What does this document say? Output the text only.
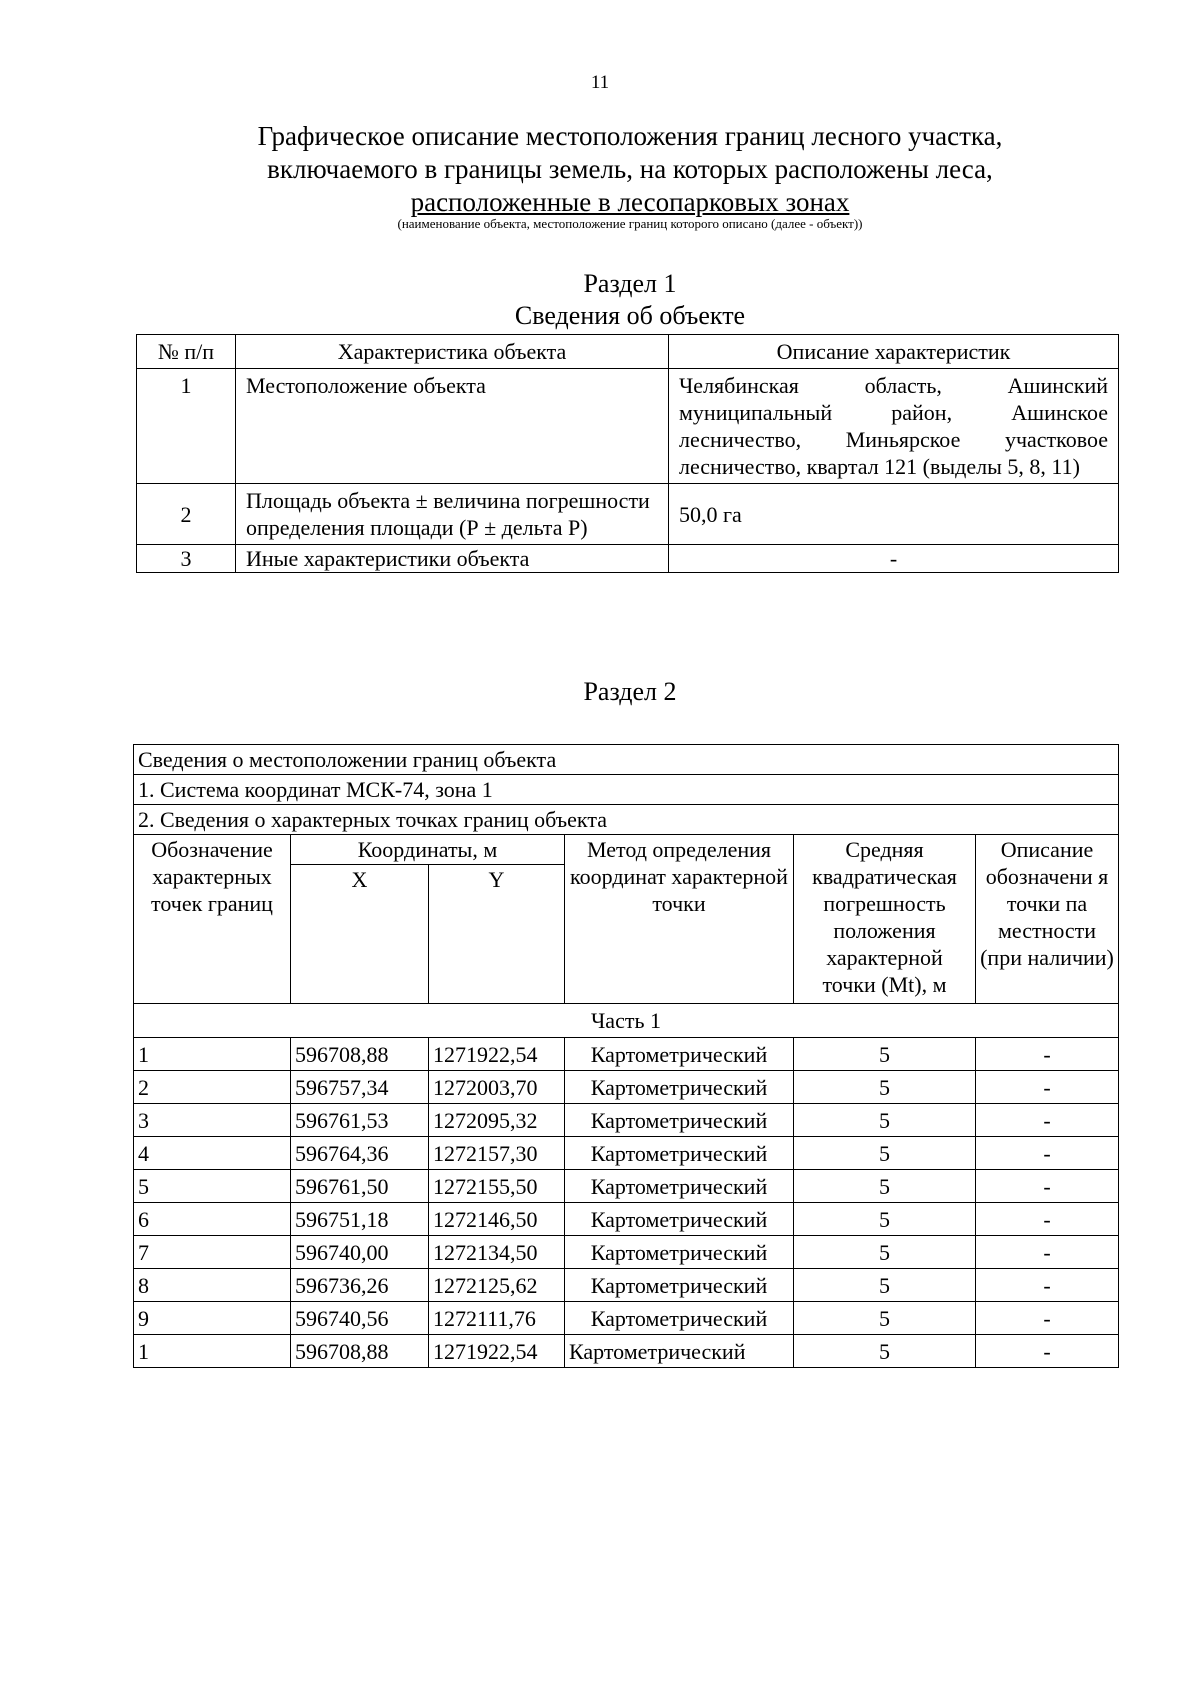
11
Графическое описание местоположения границ лесного участка,
включаемого в границы земель, на которых расположены леса,
расположенные в лесопарковых зонах
(наименование объекта, местоположение границ которого описано (далее - объект))
Раздел 1
Сведения об объекте
№ п/п	Характеристика объекта	Описание характеристик
1	Местоположение объекта	Челябинская область, Ашинский муниципальный район, Ашинское лесничество, Миньярское участковое лесничество, квартал 121 (выделы 5, 8, 11)
2	Площадь объекта ± величина погрешности определения площади (Р ± дельта Р)	50,0 га
3	Иные характеристики объекта	-
Раздел 2
Сведения о местоположении границ объекта					
1. Система координат МСК-74, зона 1					
2. Сведения о характерных точках границ объекта					
Обозначение характерных точек границ	Координаты, м		Метод определения координат характерной точки	Средняя квадратическая погрешность положения характерной точки (Mt), м	Описание обозначени я точки па местности (при наличии)
	X	Y			
Часть 1					
1	596708,88	1271922,54	Картометрический	5	-
2	596757,34	1272003,70	Картометрический	5	-
3	596761,53	1272095,32	Картометрический	5	-
4	596764,36	1272157,30	Картометрический	5	-
5	596761,50	1272155,50	Картометрический	5	-
6	596751,18	1272146,50	Картометрический	5	-
7	596740,00	1272134,50	Картометрический	5	-
8	596736,26	1272125,62	Картометрический	5	-
9	596740,56	1272111,76	Картометрический	5	-
1	596708,88	1271922,54	Картометрический	5	-
